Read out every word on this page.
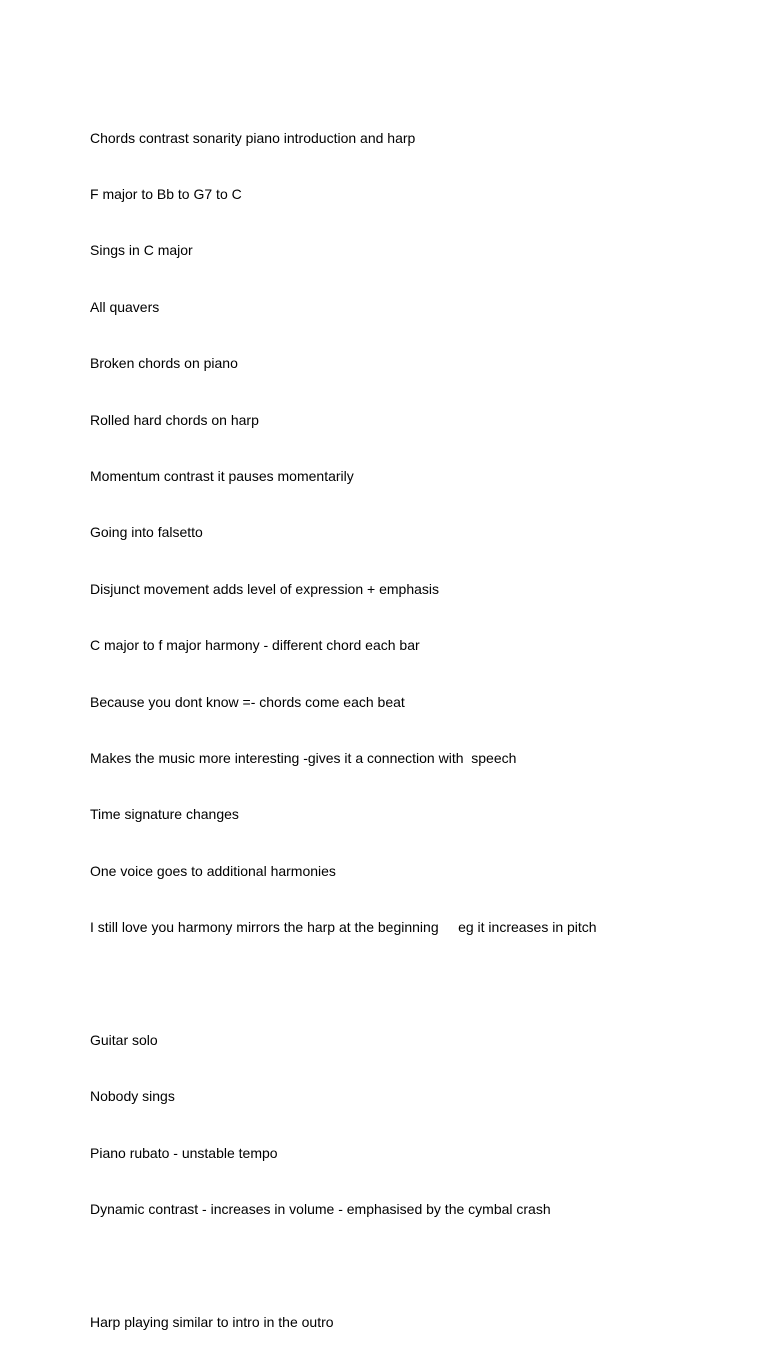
Chords contrast sonarity piano introduction and harp

F major to Bb to G7 to C

Sings in C major

All quavers

Broken chords on piano

Rolled hard chords on harp

Momentum contrast it pauses momentarily

Going into falsetto

Disjunct movement adds level of expression + emphasis

C major to f major harmony - different chord each bar

Because you dont know =- chords come each beat

Makes the music more interesting -gives it a connection with  speech

Time signature changes

One voice goes to additional harmonies

I still love you harmony mirrors the harp at the beginning     eg it increases in pitch

Guitar solo

Nobody sings

Piano rubato - unstable tempo

Dynamic contrast - increases in volume - emphasised by the cymbal crash

Harp playing similar to intro in the outro
